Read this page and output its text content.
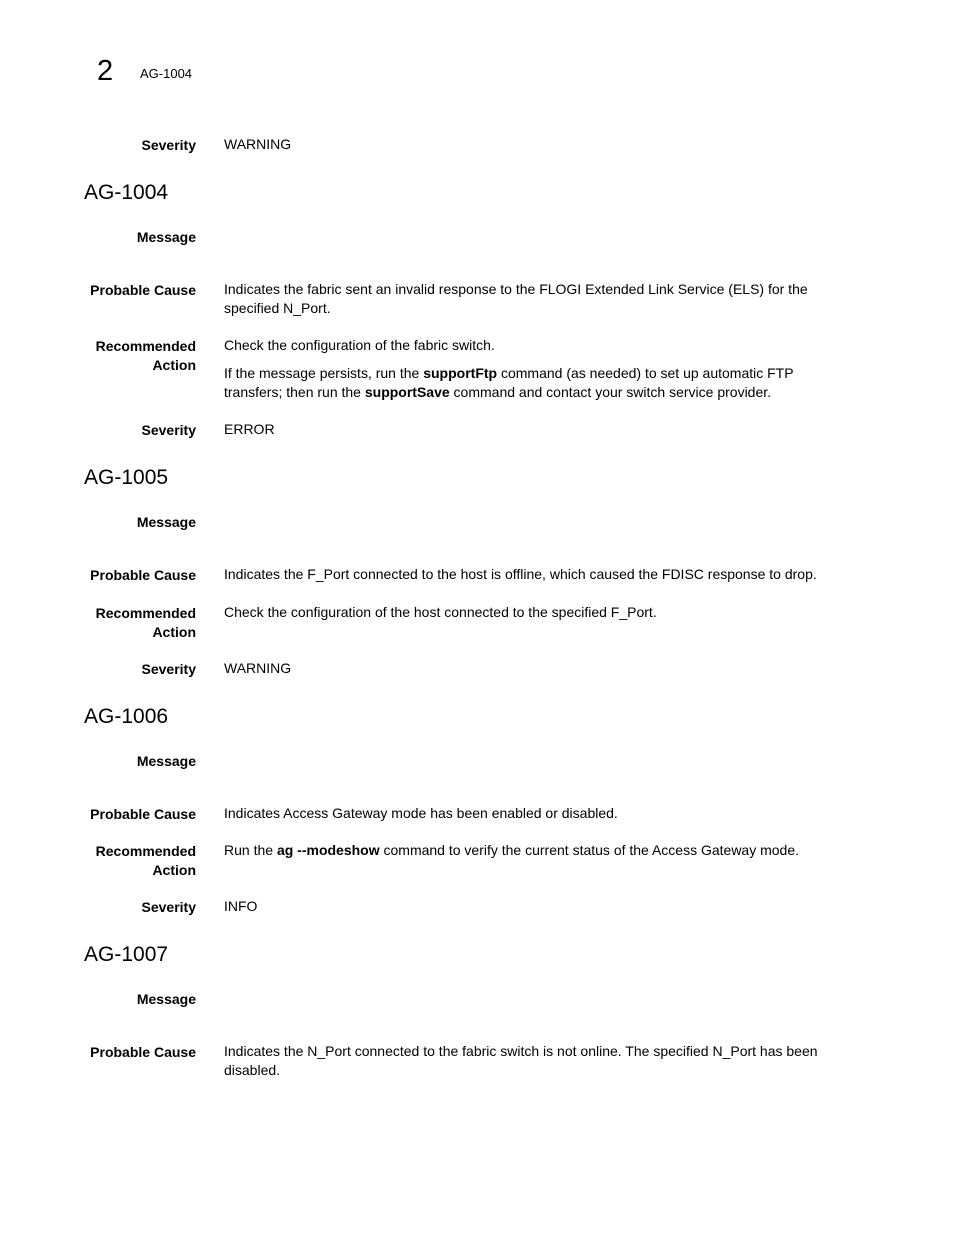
2 AG-1004
Severity WARNING
AG-1004
Message
Probable Cause Indicates the fabric sent an invalid response to the FLOGI Extended Link Service (ELS) for the
specified N_Port.
Recommended
Action
Check the configuration of the fabric switch.
If the message persists, run the supportFtp command (as needed) to set up automatic FTP
transfers; then run the supportSave command and contact your switch service provider.
Severity ERROR
AG-1005
Message
Probable Cause Indicates the F_Port connected to the host is offline, which caused the FDISC response to drop.
Recommended
Action
Check the configuration of the host connected to the specified F_Port.
Severity WARNING
AG-1006
Message
Probable Cause Indicates Access Gateway mode has been enabled or disabled.
Recommended
Action
Run the ag --modeshow command to verify the current status of the Access Gateway mode.
Severity INFO
AG-1007
Message
Probable Cause Indicates the N_Port connected to the fabric switch is not online. The specified N_Port has been
disabled.
